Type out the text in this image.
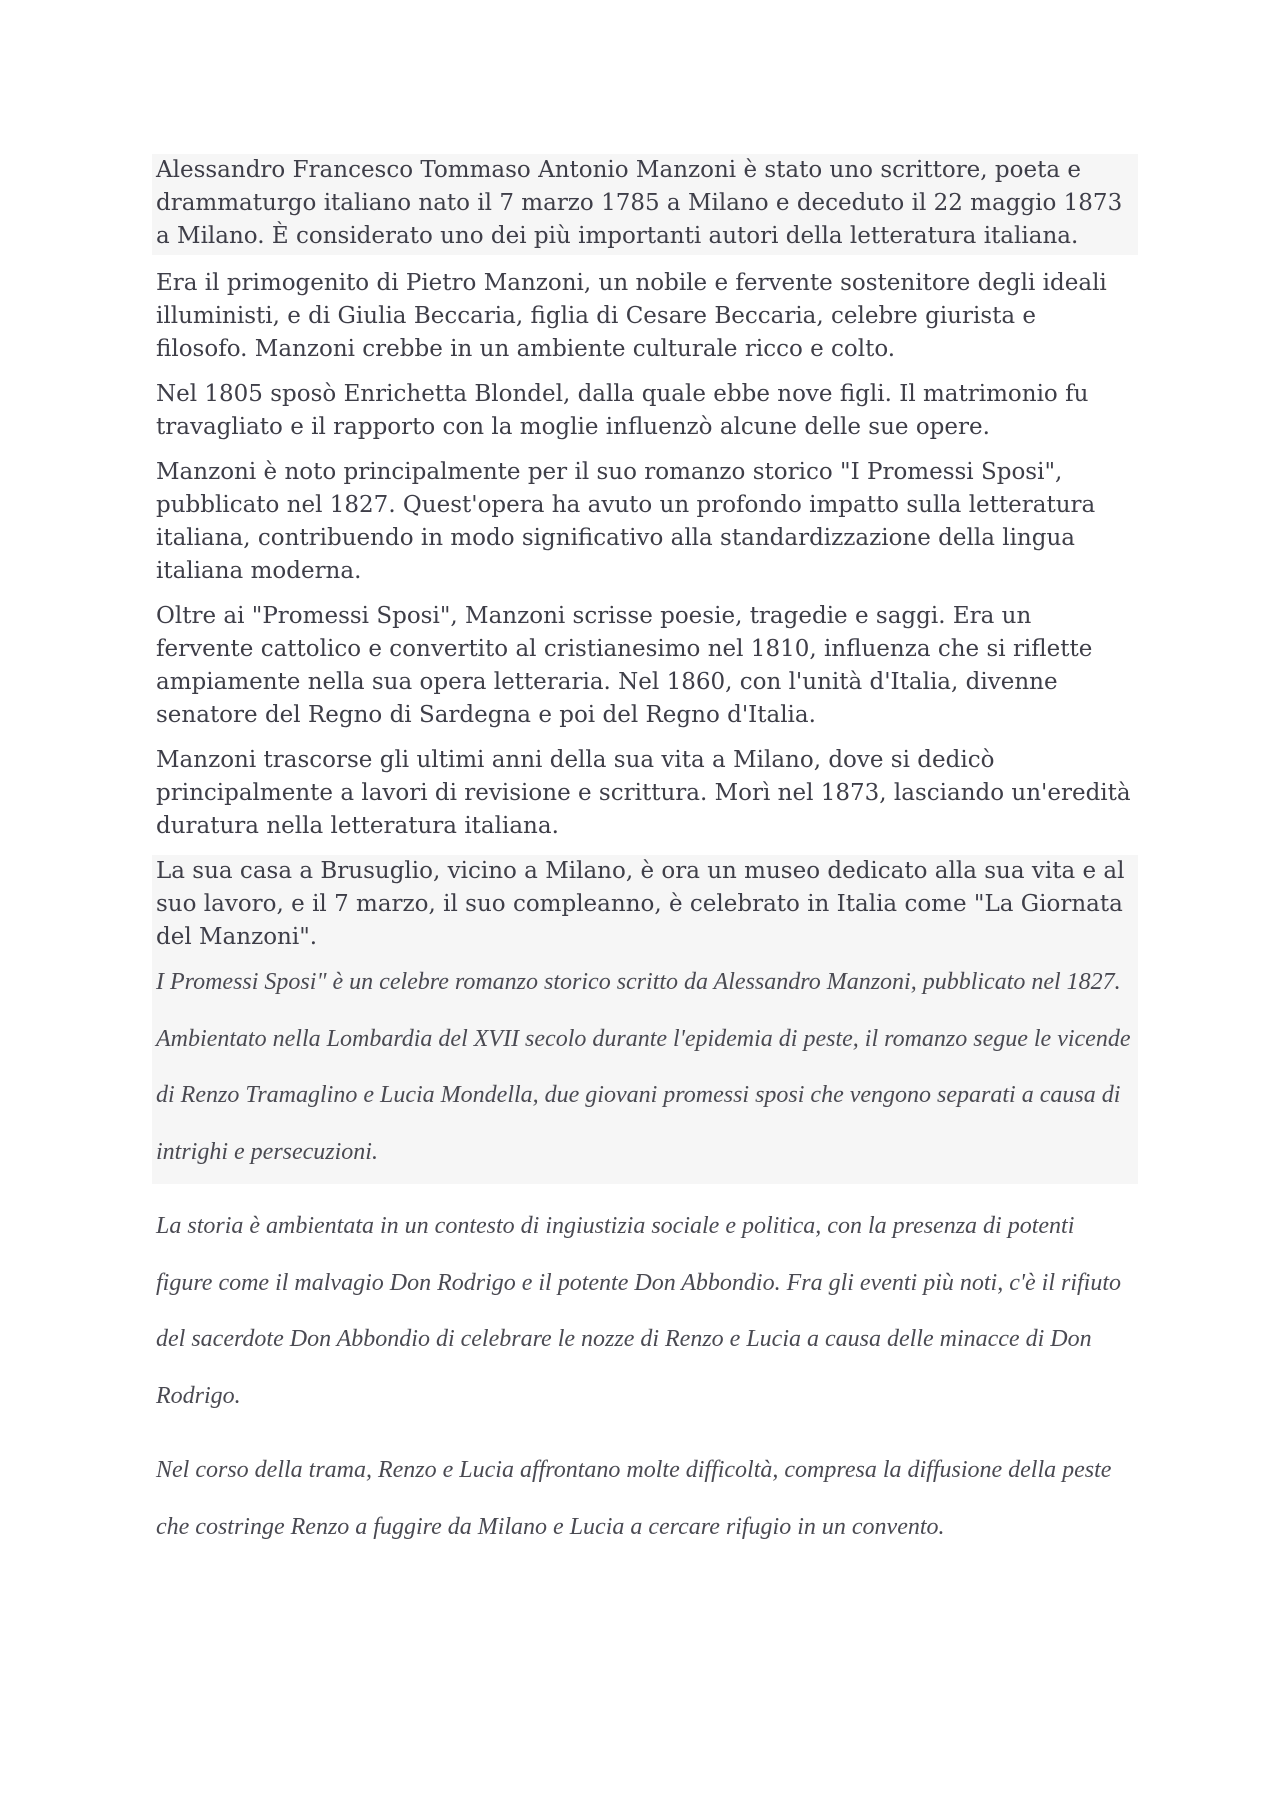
Alessandro Francesco Tommaso Antonio Manzoni è stato uno scrittore, poeta e drammaturgo italiano nato il 7 marzo 1785 a Milano e deceduto il 22 maggio 1873 a Milano. È considerato uno dei più importanti autori della letteratura italiana.

Era il primogenito di Pietro Manzoni, un nobile e fervente sostenitore degli ideali illuministi, e di Giulia Beccaria, figlia di Cesare Beccaria, celebre giurista e filosofo. Manzoni crebbe in un ambiente culturale ricco e colto.

Nel 1805 sposò Enrichetta Blondel, dalla quale ebbe nove figli. Il matrimonio fu travagliato e il rapporto con la moglie influenzò alcune delle sue opere.

Manzoni è noto principalmente per il suo romanzo storico "I Promessi Sposi", pubblicato nel 1827. Quest'opera ha avuto un profondo impatto sulla letteratura italiana, contribuendo in modo significativo alla standardizzazione della lingua italiana moderna.

Oltre ai "Promessi Sposi", Manzoni scrisse poesie, tragedie e saggi. Era un fervente cattolico e convertito al cristianesimo nel 1810, influenza che si riflette ampiamente nella sua opera letteraria. Nel 1860, con l'unità d'Italia, divenne senatore del Regno di Sardegna e poi del Regno d'Italia.

Manzoni trascorse gli ultimi anni della sua vita a Milano, dove si dedicò principalmente a lavori di revisione e scrittura. Morì nel 1873, lasciando un'eredità duratura nella letteratura italiana.

La sua casa a Brusuglio, vicino a Milano, è ora un museo dedicato alla sua vita e al suo lavoro, e il 7 marzo, il suo compleanno, è celebrato in Italia come "La Giornata del Manzoni".

I Promessi Sposi" è un celebre romanzo storico scritto da Alessandro Manzoni, pubblicato nel 1827. Ambientato nella Lombardia del XVII secolo durante l'epidemia di peste, il romanzo segue le vicende di Renzo Tramaglino e Lucia Mondella, due giovani promessi sposi che vengono separati a causa di intrighi e persecuzioni.

La storia è ambientata in un contesto di ingiustizia sociale e politica, con la presenza di potenti figure come il malvagio Don Rodrigo e il potente Don Abbondio. Fra gli eventi più noti, c'è il rifiuto del sacerdote Don Abbondio di celebrare le nozze di Renzo e Lucia a causa delle minacce di Don Rodrigo.

Nel corso della trama, Renzo e Lucia affrontano molte difficoltà, compresa la diffusione della peste che costringe Renzo a fuggire da Milano e Lucia a cercare rifugio in un convento.
